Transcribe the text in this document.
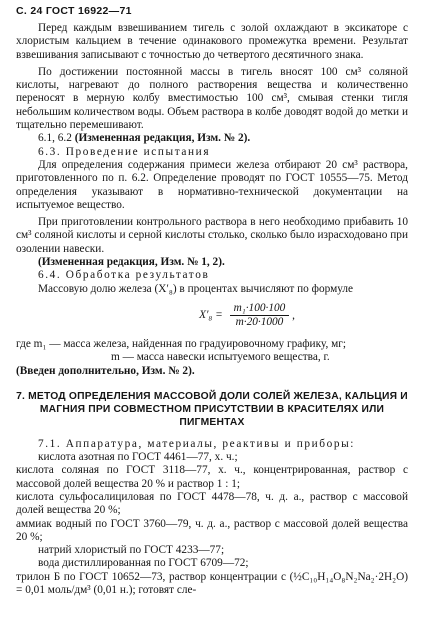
С. 24 ГОСТ 16922—71

Перед каждым взвешиванием тигель с золой охлаждают в эксикаторе с хлористым кальцием в течение одинакового промежутка времени. Результат взвешивания записывают с точностью до четвертого десятичного знака.

По достижении постоянной массы в тигель вносят 100 см³ соляной кислоты, нагревают до полного растворения вещества и количественно переносят в мерную колбу вместимостью 100 см³, смывая стенки тигля небольшим количеством воды. Объем раствора в колбе доводят водой до метки и тщательно перемешивают.

6.1, 6.2 (Измененная редакция, Изм. № 2).

6.3. Проведение испытания

Для определения содержания примеси железа отбирают 20 см³ раствора, приготовленного по п. 6.2. Определение проводят по ГОСТ 10555—75. Метод определения указывают в нормативно-технической документации на испытуемое вещество.

При приготовлении контрольного раствора в него необходимо прибавить 10 см³ соляной кислоты и серной кислоты столько, сколько было израсходовано при озолении навески.

(Измененная редакция, Изм. № 1, 2).

6.4. Обработка результатов

Массовую долю железа (X′₈) в процентах вычисляют по формуле

$X'_8 = \frac{\text{m₁·100·100}}{m\cdot 20\cdot 1000}$ ,

где m₁ — масса железа, найденная по градуировочному графику, мг;

m — масса навески испытуемого вещества, г.

(Введен дополнительно, Изм. № 2).

7. МЕТОД ОПРЕДЕЛЕНИЯ МАССОВОЙ ДОЛИ СОЛЕЙ ЖЕЛЕЗА, КАЛЬЦИЯ И МАГНИЯ ПРИ СОВМЕСТНОМ ПРИСУТСТВИИ В КРАСИТЕЛЯХ ИЛИ ПИГМЕНТАХ

7.1. Аппаратура, материалы, реактивы и приборы:

кислота азотная по ГОСТ 4461—77, х. ч.;

кислота соляная по ГОСТ 3118—77, х. ч., концентрированная, раствор с массовой долей вещества 20 % и раствор 1 : 1;

кислота сульфосалициловая по ГОСТ 4478—78, ч. д. а., раствор с массовой долей вещества 20 %;

аммиак водный по ГОСТ 3760—79, ч. д. а., раствор с массовой долей вещества 20 %;

натрий хлористый по ГОСТ 4233—77;

вода дистиллированная по ГОСТ 6709—72;

трилон Б по ГОСТ 10652—73, раствор концентрации c (½C₁₀H₁₄O₈N₂Na₂·2H₂O) = 0,01 моль/дм³ (0,01 н.); готовят сле-
